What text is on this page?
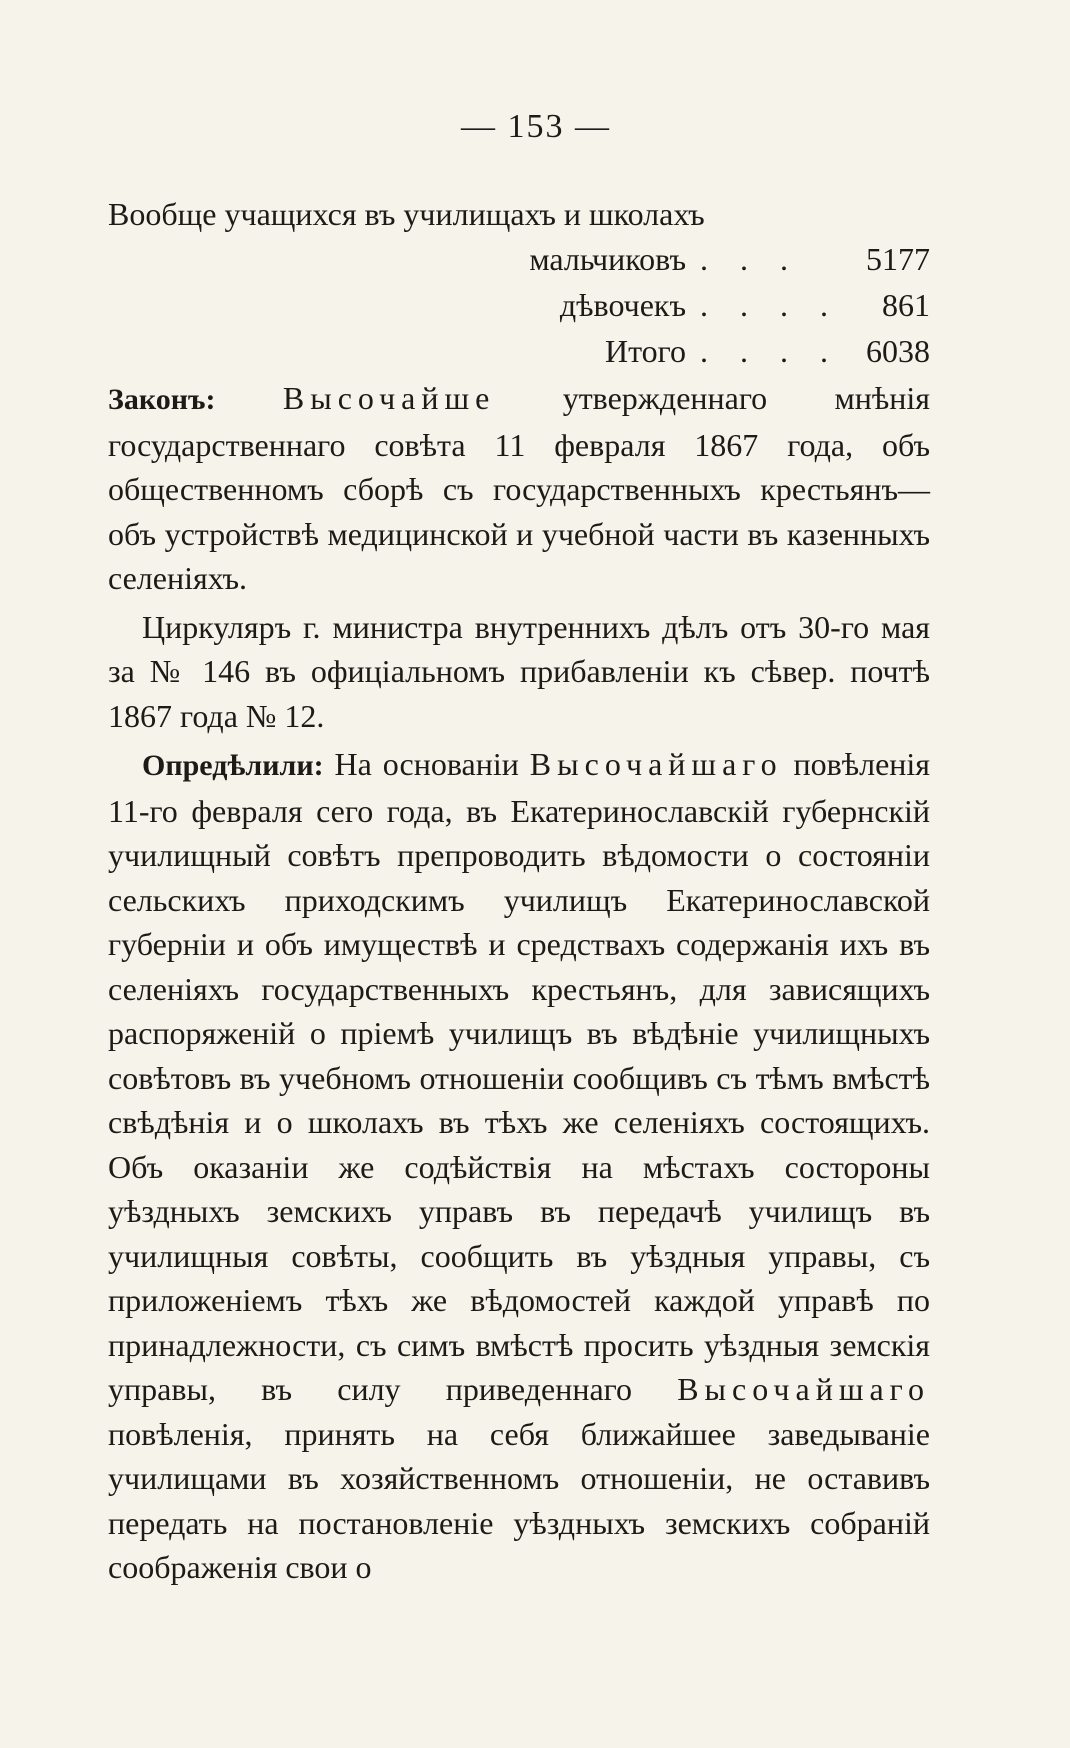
— 153 —
Вообще учащихся въ училищахъ и школахъ
мальчиковъ . . .	5177
дѣвочекъ . . . .	861
Итого . . . . 6038

Законъ: Высочайше утвержденнаго мнѣнія государственнаго совѣта 11 февраля 1867 года, объ общественномъ сборѣ съ государственныхъ крестьянъ— объ устройствѣ медицинской и учебной части въ казенныхъ селеніяхъ.

Циркуляръ г. министра внутреннихъ дѣлъ отъ 30-го мая за № 146 въ офиціальномъ прибавленіи къ сѣвер. почтѣ 1867 года № 12.

Опредѣлили: На основаніи Высочайшаго повѣленія 11-го февраля сего года, въ Екатеринославскій губернскій училищный совѣтъ препроводить вѣдомости о состояніи сельскихъ приходскимъ училищъ Екатеринославской губерніи и объ имуществѣ и средствахъ содержанія ихъ въ селеніяхъ государственныхъ крестьянъ, для зависящихъ распоряженій о пріемѣ училищъ въ вѣдѣніе училищныхъ совѣтовъ въ учебномъ отношеніи сообщивъ съ тѣмъ вмѣстѣ свѣдѣнія и о школахъ въ тѣхъ же селеніяхъ состоящихъ. Объ оказаніи же содѣйствія на мѣстахъ состороны уѣздныхъ земскихъ управъ въ передачѣ училищъ въ училищныя совѣты, сообщить въ уѣздныя управы, съ приложеніемъ тѣхъ же вѣдомостей каждой управѣ по принадлежности, съ симъ вмѣстѣ просить уѣздныя земскія управы, въ силу приведеннаго Высочайшаго повѣленія, принять на себя ближайшее заведываніе училищами въ хозяйственномъ отношеніи, не оставивъ передать на постановленіе уѣздныхъ земскихъ собраній соображенія свои о
